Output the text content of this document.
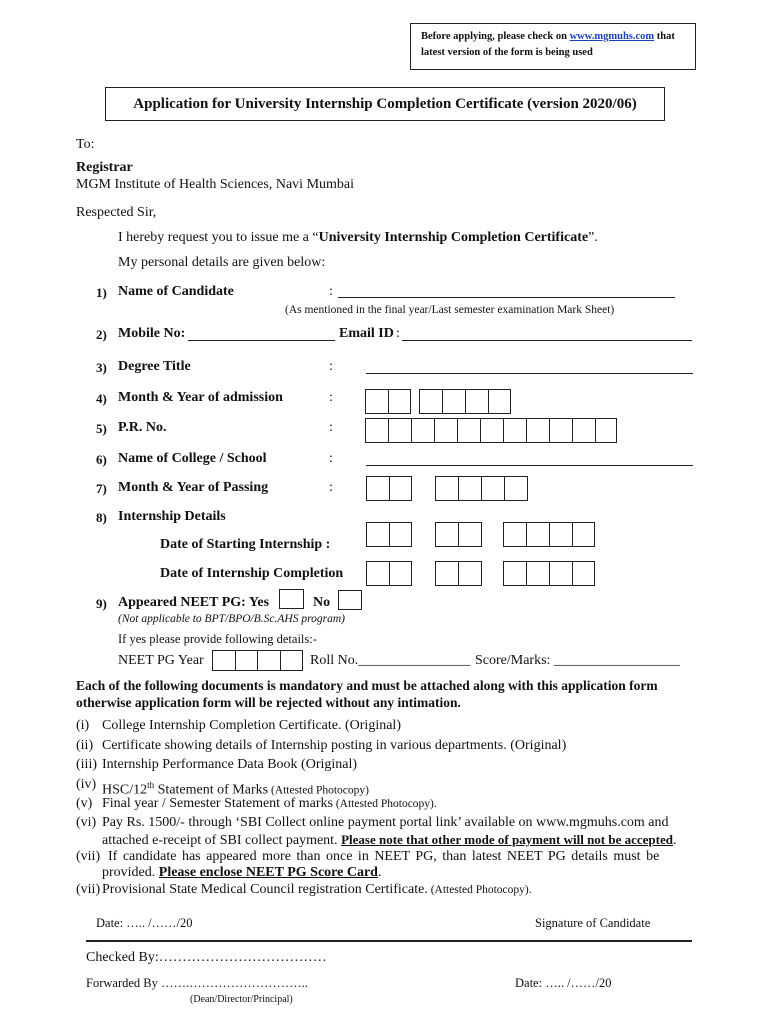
Before applying, please check on www.mgmuhs.com that
latest version of the form is being used
Application for University Internship Completion Certificate (version 2020/06)
To:
Registrar
MGM Institute of Health Sciences, Navi Mumbai
Respected Sir,
I hereby request you to issue me a “University Internship Completion Certificate”.
My personal details are given below:
1) Name of Candidate	:
(As mentioned in the final year/Last semester examination Mark Sheet)
2) Mobile No:	Email ID :
3) Degree Title	:
4) Month & Year of admission	:
5) P.R. No.	:
6) Name of College / School	:
7) Month & Year of Passing	:
8) Internship Details
Date of Starting Internship :
Date of Internship Completion
9) Appeared NEET PG: Yes	No
(Not applicable to BPT/BPO/B.Sc.AHS program)
If yes please provide following details:-
NEET PG Year	Roll No.________________ Score/Marks: __________________
Each of the following documents is mandatory and must be attached along with this application form
otherwise application form will be rejected without any intimation.
(i) College Internship Completion Certificate. (Original)
(ii) Certificate showing details of Internship posting in various departments. (Original)
(iii) Internship Performance Data Book (Original)
(iv) HSC/12th Statement of Marks (Attested Photocopy)
(v) Final year / Semester Statement of marks (Attested Photocopy).
(vi) Pay Rs. 1500/- through ‘SBI Collect online payment portal link’ available on www.mgmuhs.com and
attached e-receipt of SBI collect payment. Please note that other mode of payment will not be accepted.
(vii) If candidate has appeared more than once in NEET PG, than latest NEET PG details must be
provided. Please enclose NEET PG Score Card.
(vii) Provisional State Medical Council registration Certificate. (Attested Photocopy).
Date: ….. /……/20	Signature of Candidate
Checked By:………………………………
Forwarded By …….………………………..	Date: ….. /……/20
(Dean/Director/Principal)
